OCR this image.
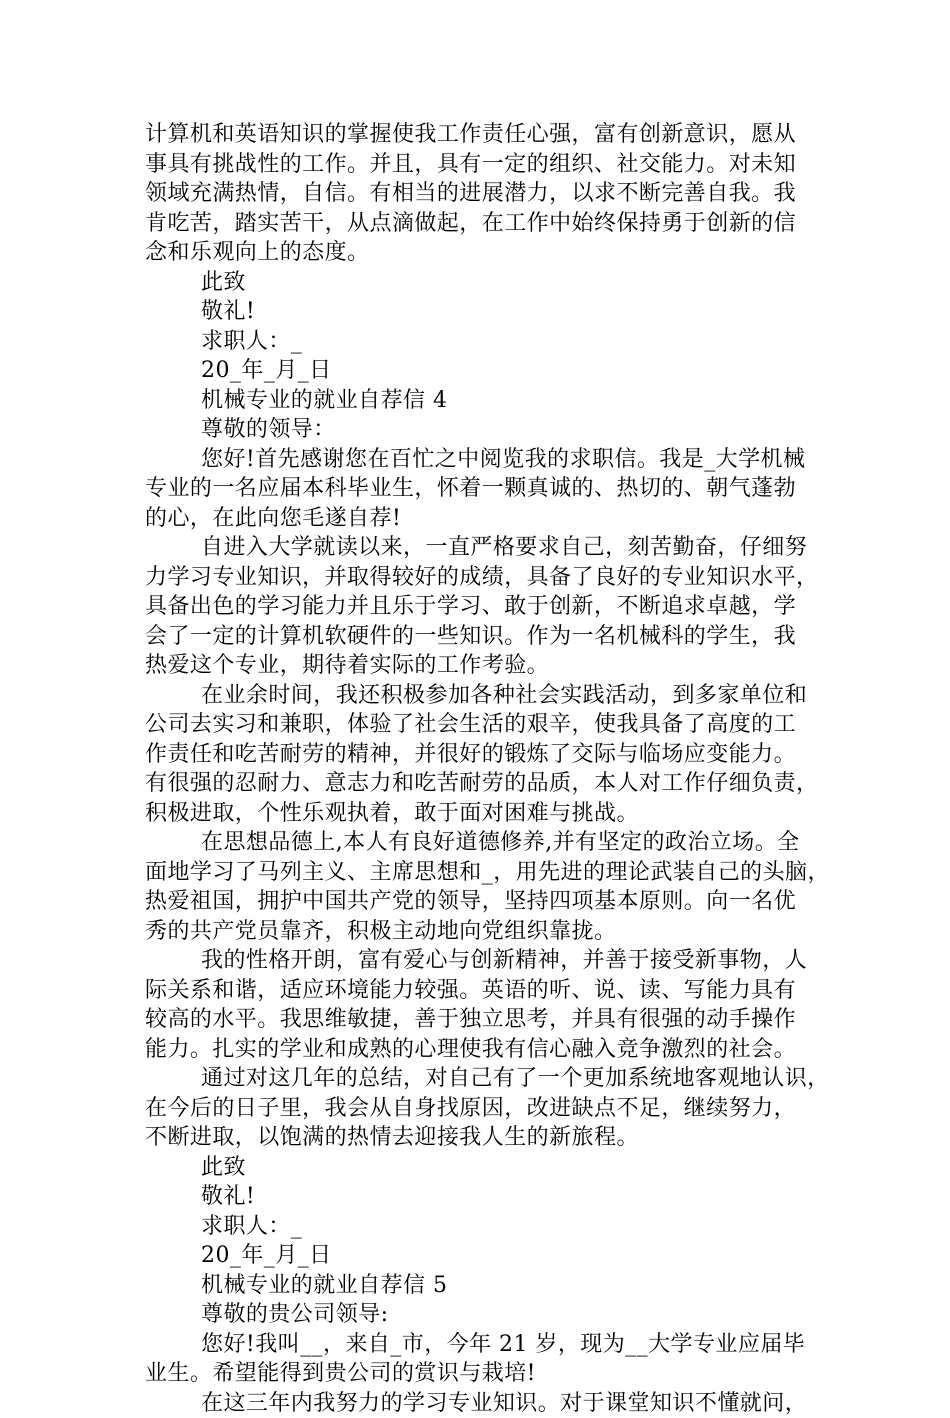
计算机和英语知识的掌握使我工作责任心强，富有创新意识，愿从
事具有挑战性的工作。并且，具有一定的组织、社交能力。对未知
领域充满热情，自信。有相当的进展潜力，以求不断完善自我。我
肯吃苦，踏实苦干，从点滴做起，在工作中始终保持勇于创新的信
念和乐观向上的态度。
此致
敬礼!
求职人：_
20_年_月_日
机械专业的就业自荐信 4
尊敬的领导：
您好!首先感谢您在百忙之中阅览我的求职信。我是_大学机械
专业的一名应届本科毕业生，怀着一颗真诚的、热切的、朝气蓬勃
的心，在此向您毛遂自荐!
自进入大学就读以来，一直严格要求自己，刻苦勤奋，仔细努
力学习专业知识，并取得较好的成绩，具备了良好的专业知识水平，
具备出色的学习能力并且乐于学习、敢于创新，不断追求卓越，学
会了一定的计算机软硬件的一些知识。作为一名机械科的学生，我
热爱这个专业，期待着实际的工作考验。
在业余时间，我还积极参加各种社会实践活动，到多家单位和
公司去实习和兼职，体验了社会生活的艰辛，使我具备了高度的工
作责任和吃苦耐劳的精神，并很好的锻炼了交际与临场应变能力。
有很强的忍耐力、意志力和吃苦耐劳的品质，本人对工作仔细负责，
积极进取，个性乐观执着，敢于面对困难与挑战。
在思想品德上,本人有良好道德修养,并有坚定的政治立场。全
面地学习了马列主义、主席思想和_，用先进的理论武装自己的头脑，
热爱祖国，拥护中国共产党的领导，坚持四项基本原则。向一名优
秀的共产党员靠齐，积极主动地向党组织靠拢。
我的性格开朗，富有爱心与创新精神，并善于接受新事物，人
际关系和谐，适应环境能力较强。英语的听、说、读、写能力具有
较高的水平。我思维敏捷，善于独立思考，并具有很强的动手操作
能力。扎实的学业和成熟的心理使我有信心融入竞争激烈的社会。
通过对这几年的总结，对自己有了一个更加系统地客观地认识，
在今后的日子里，我会从自身找原因，改进缺点不足，继续努力，
不断进取，以饱满的热情去迎接我人生的新旅程。
此致
敬礼!
求职人：_
20_年_月_日
机械专业的就业自荐信 5
尊敬的贵公司领导:
您好!我叫__，来自_市，今年 21 岁，现为__大学专业应届毕
业生。希望能得到贵公司的赏识与栽培!
在这三年内我努力的学习专业知识。对于课堂知识不懂就问，
